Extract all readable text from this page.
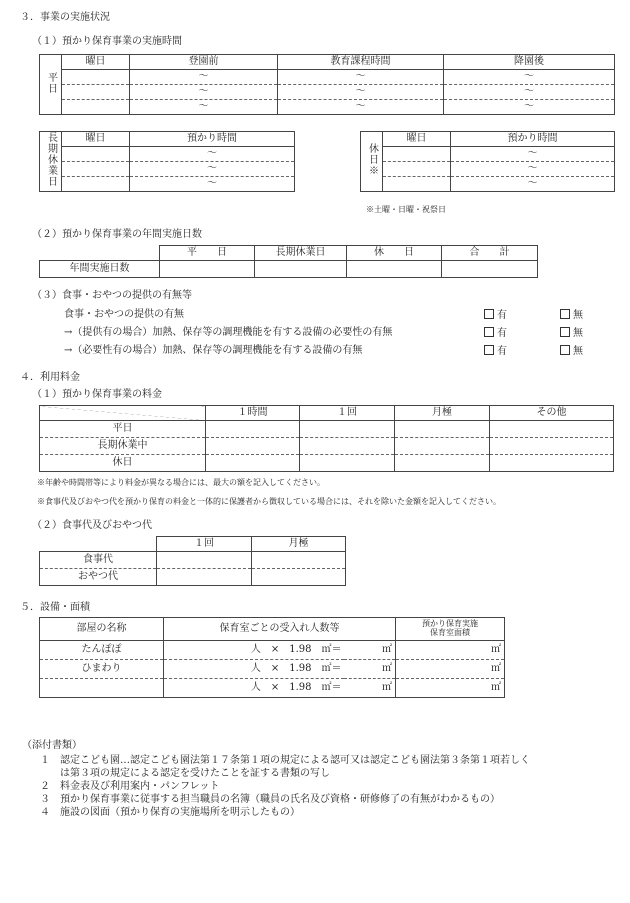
３．事業の実施状況
（１）預かり保育事業の実施時間
平日	曜日	登園前	教育課程時間	降園後
		～	～	～
		～	～	～
		～	～	～
長期休業日	曜日	預かり時間
		～
		～
		～
休日※	曜日	預かり時間
		～
		～
		～
※土曜・日曜・祝祭日
（２）預かり保育事業の年間実施日数
	平　　日	長期休業日	休　　日	合　　計
年間実施日数				
（３）食事・おやつの提供の有無等
食事・おやつの提供の有無	有	無
→（提供有の場合）加熱、保存等の調理機能を有する設備の必要性の有無	有	無
→（必要性有の場合）加熱、保存等の調理機能を有する設備の有無	有	無
４．利用料金
（１）預かり保育事業の料金
	１時間	１回	月極	その他
平日				
長期休業中				
休日				
※年齢や時間帯等により料金が異なる場合には、最大の額を記入してください。
※食事代及びおやつ代を預かり保育の料金と一体的に保護者から徴収している場合には、それを除いた金額を記入してください。
（２）食事代及びおやつ代
	１回	月極
食事代		
おやつ代		
５．設備・面積
部屋の名称	保育室ごとの受入れ人数等		預かり保育実施
保育室面積

たんぽぽ	人　×　1.98　㎡＝	㎡	㎡
ひまわり	人　×　1.98　㎡＝	㎡	㎡
	人　×　1.98　㎡＝	㎡	㎡
（添付書類）
１ 認定こども園…認定こども園法第１７条第１項の規定による認可又は認定こども園法第３条第１項若しく
は第３項の規定による認定を受けたことを証する書類の写し
２ 料金表及び利用案内・パンフレット
３ 預かり保育事業に従事する担当職員の名簿（職員の氏名及び資格・研修修了の有無がわかるもの）
４ 施設の図面（預かり保育の実施場所を明示したもの）
